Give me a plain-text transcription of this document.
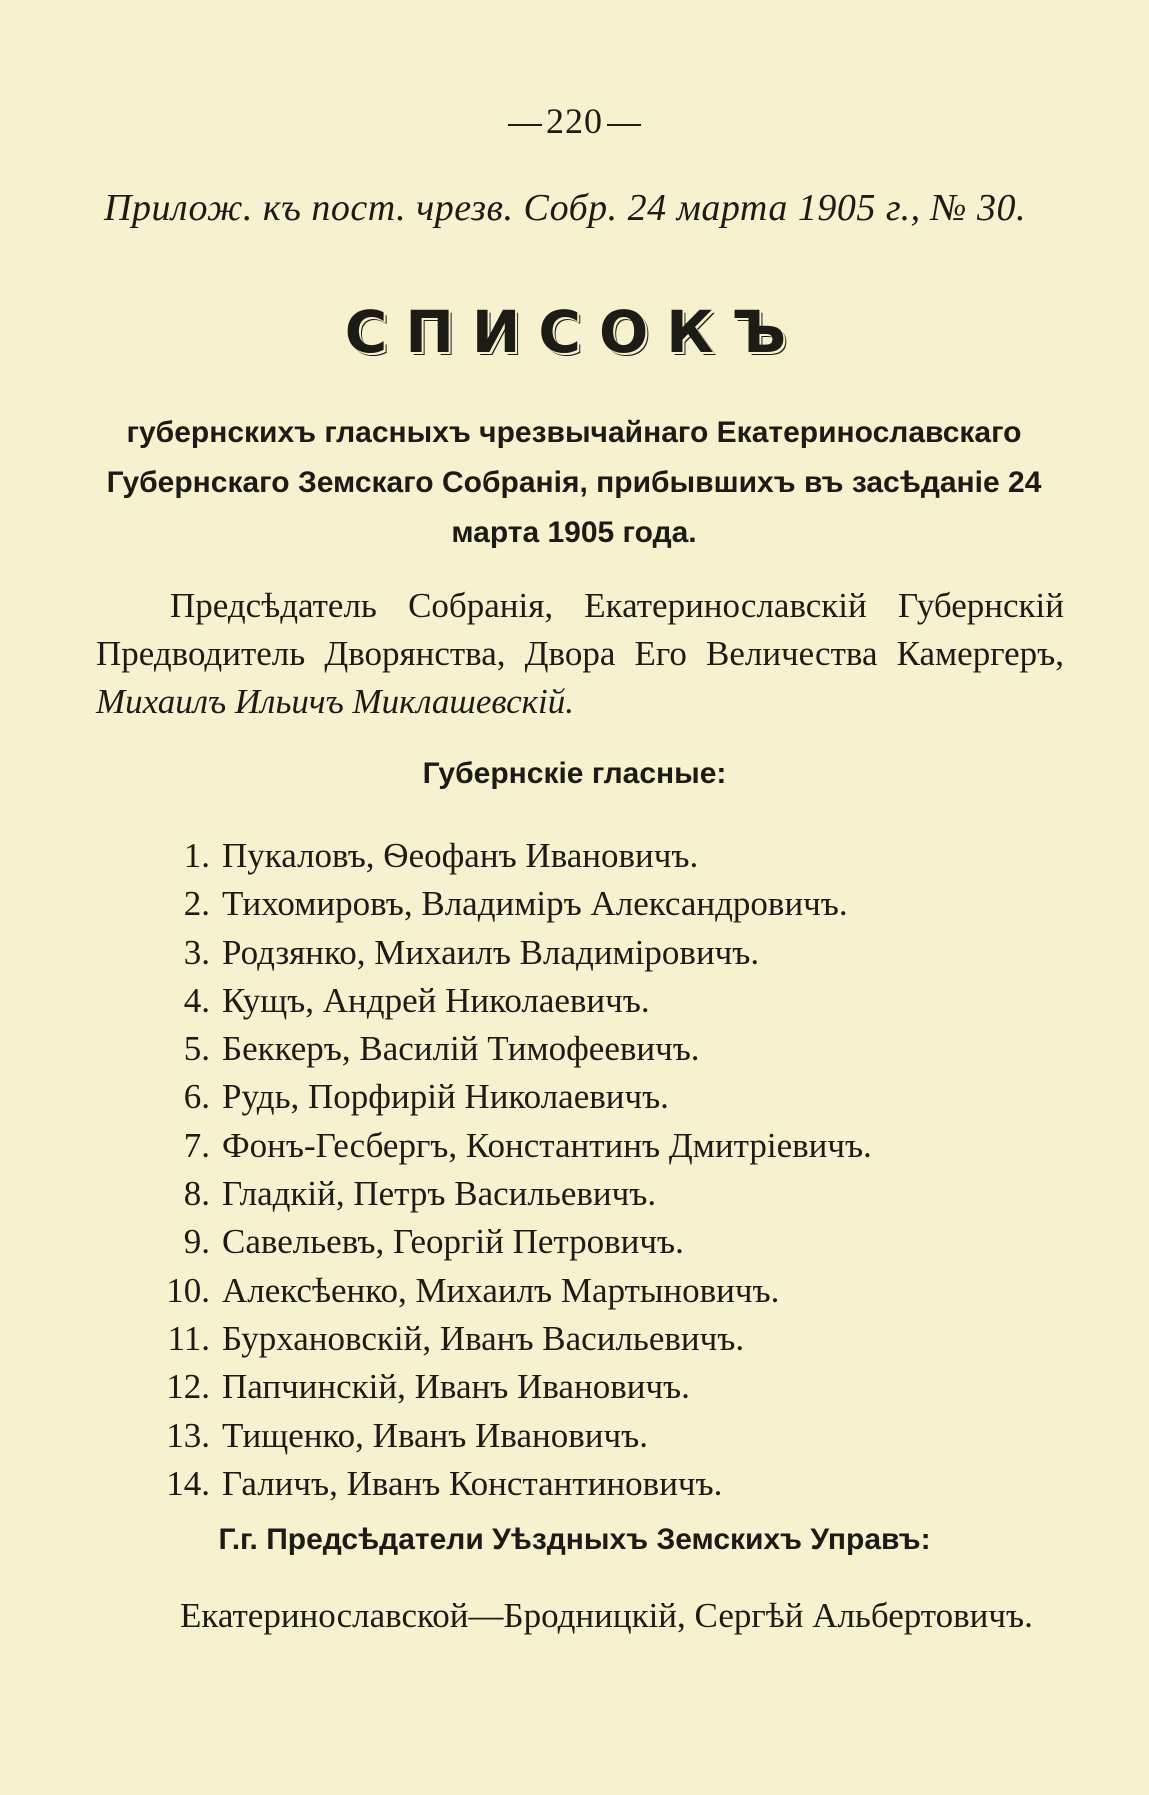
220
Прилож. къ пост. чрезв. Собр. 24 марта 1905 г., № 30.
СПИСОКЪ
губернскихъ гласныхъ чрезвычайнаго Екатеринославскаго Губернскаго Земскаго Собранія, прибывшихъ въ засѣданіе 24 марта 1905 года.
Предсѣдатель Собранія, Екатеринославскій Губернскій Предводитель Дворянства, Двора Его Величества Камергеръ, Михаилъ Ильичъ Миклашевскій.
Губернскіе гласные:
1. Пукаловъ, Ѳеофанъ Ивановичъ.
2. Тихомировъ, Владиміръ Александровичъ.
3. Родзянко, Михаилъ Владиміровичъ.
4. Кущъ, Андрей Николаевичъ.
5. Беккеръ, Василій Тимофеевичъ.
6. Рудь, Порфирій Николаевичъ.
7. Фонъ-Гесбергъ, Константинъ Дмитріевичъ.
8. Гладкій, Петръ Васильевичъ.
9. Савельевъ, Георгій Петровичъ.
10. Алексѣенко, Михаилъ Мартыновичъ.
11. Бурхановскій, Иванъ Васильевичъ.
12. Папчинскій, Иванъ Ивановичъ.
13. Тищенко, Иванъ Ивановичъ.
14. Галичъ, Иванъ Константиновичъ.
Г.г. Предсѣдатели Уѣздныхъ Земскихъ Управъ:
Екатеринославской—Бродницкій, Сергѣй Альбертовичъ.
